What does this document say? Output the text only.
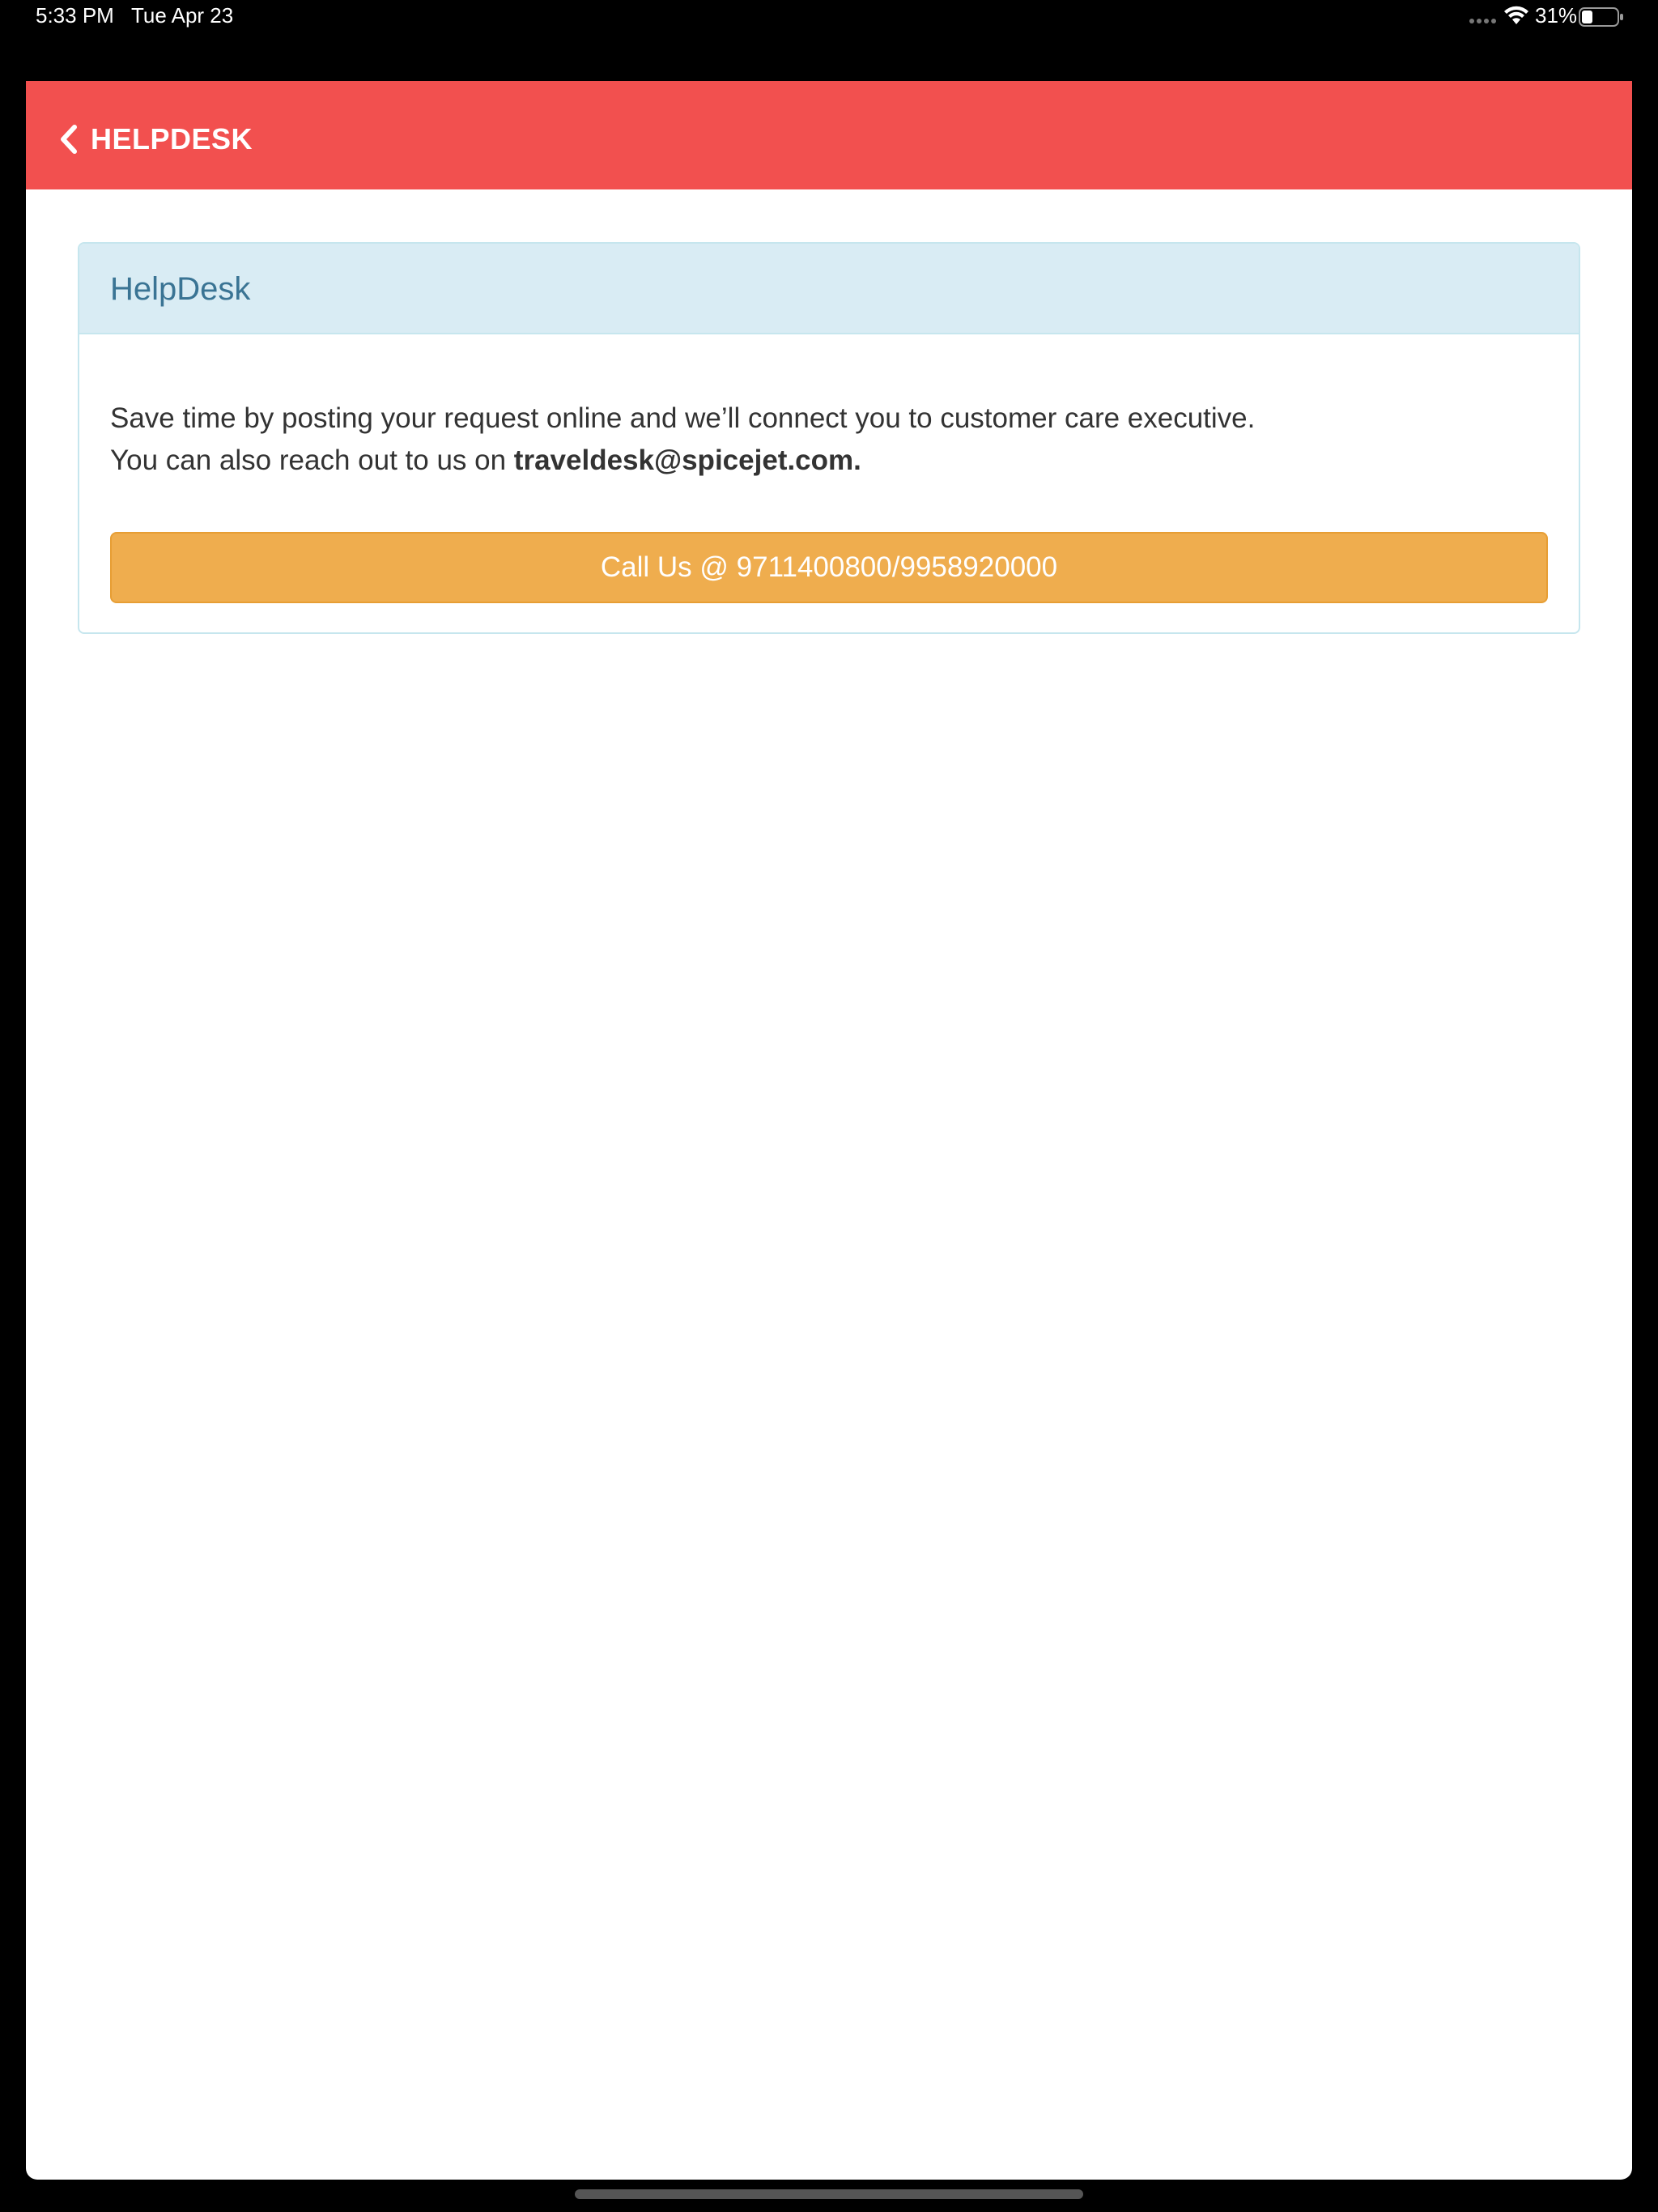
5:33 PM Tue Apr 23	31%
HELPDESK
HelpDesk
Save time by posting your request online and we’ll connect you to customer care executive.
You can also reach out to us on traveldesk@spicejet.com.
Call Us @ 9711400800/9958920000
